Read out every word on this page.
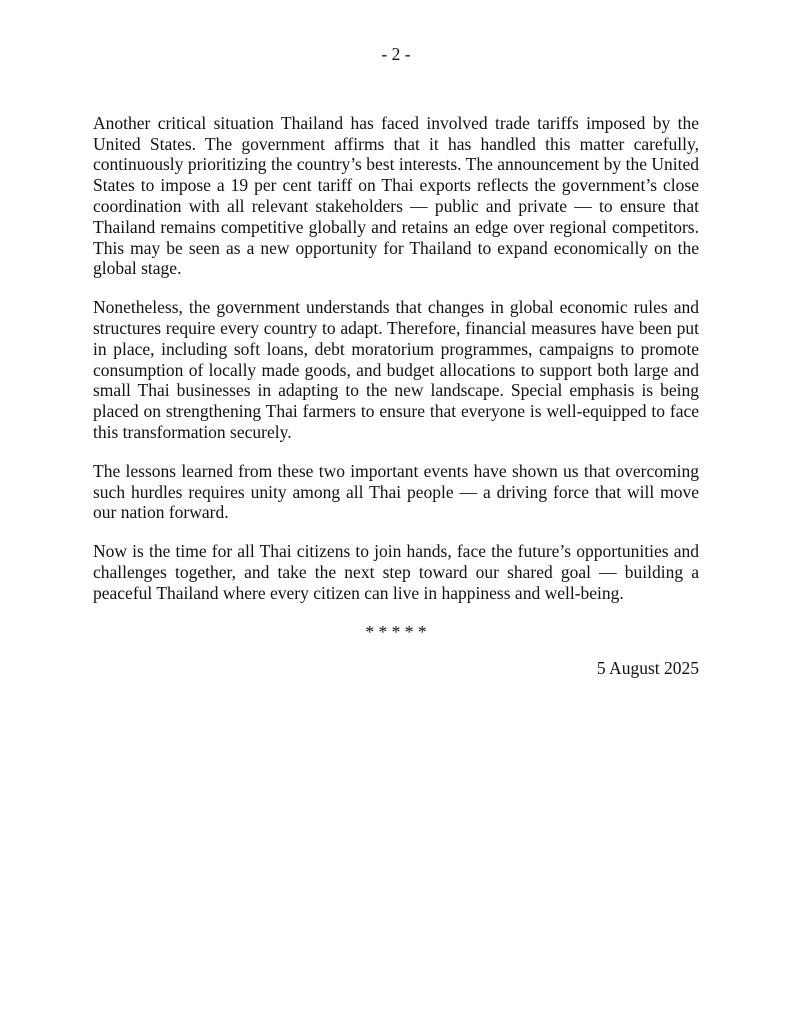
- 2 -

Another critical situation Thailand has faced involved trade tariffs imposed by the United States. The government affirms that it has handled this matter carefully, continuously prioritizing the country’s best interests. The announcement by the United States to impose a 19 per cent tariff on Thai exports reflects the government’s close coordination with all relevant stakeholders — public and private — to ensure that Thailand remains competitive globally and retains an edge over regional competitors. This may be seen as a new opportunity for Thailand to expand economically on the global stage.

Nonetheless, the government understands that changes in global economic rules and structures require every country to adapt. Therefore, financial measures have been put in place, including soft loans, debt moratorium programmes, campaigns to promote consumption of locally made goods, and budget allocations to support both large and small Thai businesses in adapting to the new landscape. Special emphasis is being placed on strengthening Thai farmers to ensure that everyone is well-equipped to face this transformation securely.

The lessons learned from these two important events have shown us that overcoming such hurdles requires unity among all Thai people — a driving force that will move our nation forward.

Now is the time for all Thai citizens to join hands, face the future’s opportunities and challenges together, and take the next step toward our shared goal — building a peaceful Thailand where every citizen can live in happiness and well-being.

* * * * *
5 August 2025
